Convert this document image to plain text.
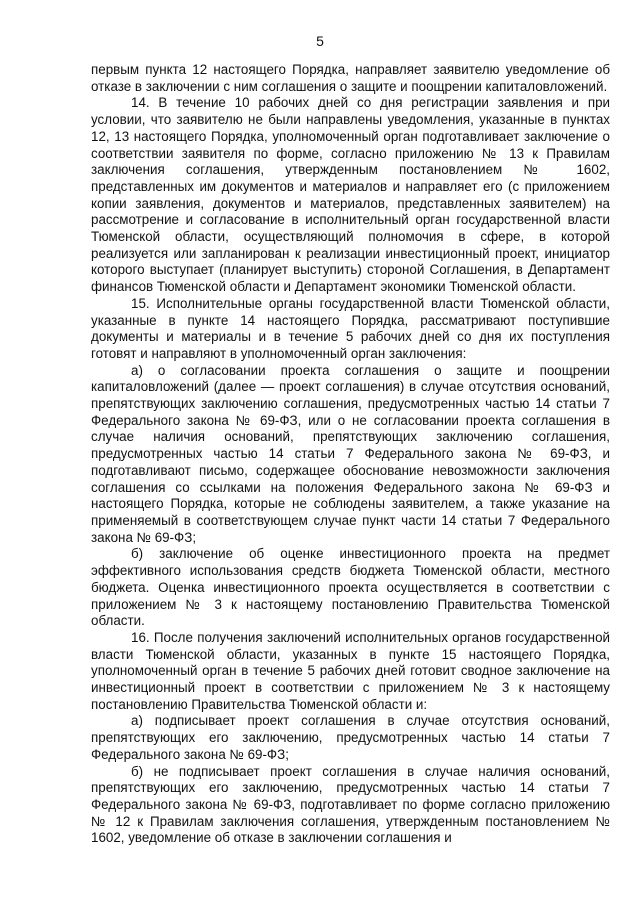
5

первым пункта 12 настоящего Порядка, направляет заявителю уведомление об отказе в заключении с ним соглашения о защите и поощрении капиталовложений.

14. В течение 10 рабочих дней со дня регистрации заявления и при условии, что заявителю не были направлены уведомления, указанные в пунктах 12, 13 настоящего Порядка, уполномоченный орган подготавливает заключение о соответствии заявителя по форме, согласно приложению № 13 к Правилам заключения соглашения, утвержденным постановлением № 1602, представленных им документов и материалов и направляет его (с приложением копии заявления, документов и материалов, представленных заявителем) на рассмотрение и согласование в исполнительный орган государственной власти Тюменской области, осуществляющий полномочия в сфере, в которой реализуется или запланирован к реализации инвестиционный проект, инициатор которого выступает (планирует выступить) стороной Соглашения, в Департамент финансов Тюменской области и Департамент экономики Тюменской области.

15. Исполнительные органы государственной власти Тюменской области, указанные в пункте 14 настоящего Порядка, рассматривают поступившие документы и материалы и в течение 5 рабочих дней со дня их поступления готовят и направляют в уполномоченный орган заключения:

а) о согласовании проекта соглашения о защите и поощрении капиталовложений (далее — проект соглашения) в случае отсутствия оснований, препятствующих заключению соглашения, предусмотренных частью 14 статьи 7 Федерального закона № 69-ФЗ, или о не согласовании проекта соглашения в случае наличия оснований, препятствующих заключению соглашения, предусмотренных частью 14 статьи 7 Федерального закона № 69-ФЗ, и подготавливают письмо, содержащее обоснование невозможности заключения соглашения со ссылками на положения Федерального закона № 69-ФЗ и настоящего Порядка, которые не соблюдены заявителем, а также указание на применяемый в соответствующем случае пункт части 14 статьи 7 Федерального закона № 69-ФЗ;

б) заключение об оценке инвестиционного проекта на предмет эффективного использования средств бюджета Тюменской области, местного бюджета. Оценка инвестиционного проекта осуществляется в соответствии с приложением № 3 к настоящему постановлению Правительства Тюменской области.

16. После получения заключений исполнительных органов государственной власти Тюменской области, указанных в пункте 15 настоящего Порядка, уполномоченный орган в течение 5 рабочих дней готовит сводное заключение на инвестиционный проект в соответствии с приложением № 3 к настоящему постановлению Правительства Тюменской области и:

а) подписывает проект соглашения в случае отсутствия оснований, препятствующих его заключению, предусмотренных частью 14 статьи 7 Федерального закона № 69-ФЗ;

б) не подписывает проект соглашения в случае наличия оснований, препятствующих его заключению, предусмотренных частью 14 статьи 7 Федерального закона № 69-ФЗ, подготавливает по форме согласно приложению № 12 к Правилам заключения соглашения, утвержденным постановлением № 1602, уведомление об отказе в заключении соглашения и
